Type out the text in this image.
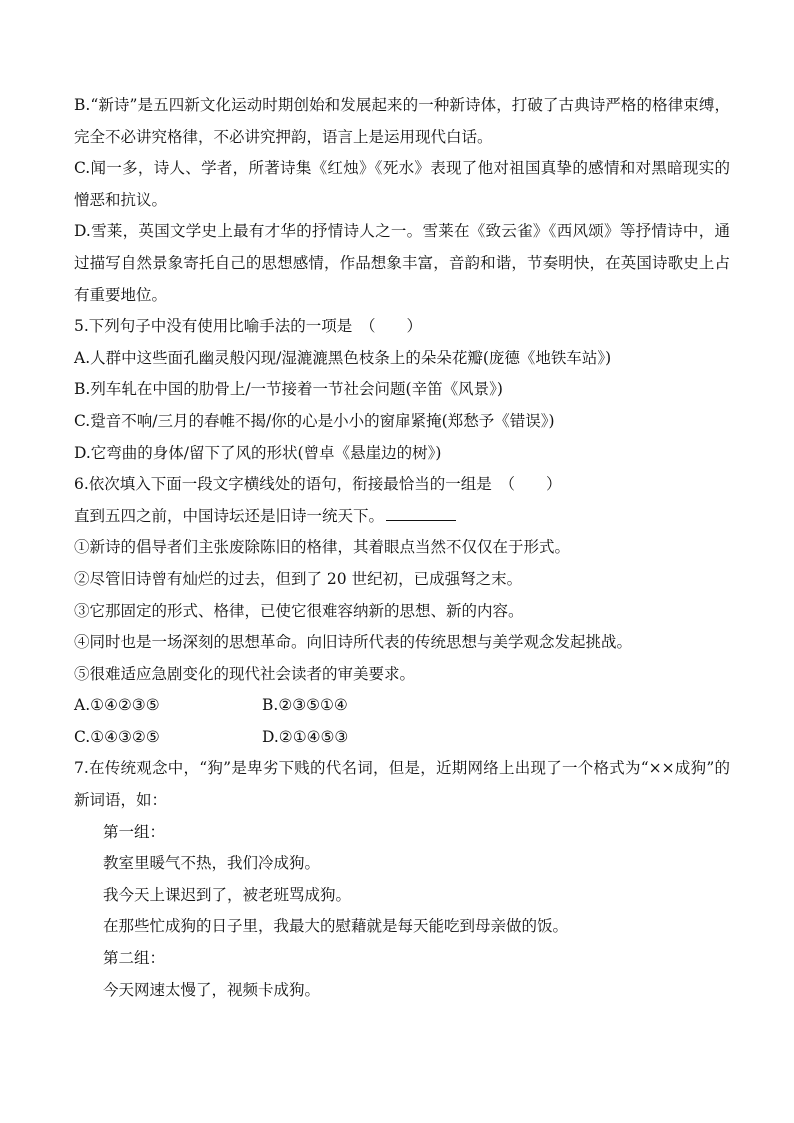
B.“新诗”是五四新文化运动时期创始和发展起来的一种新诗体，打破了古典诗严格的格律束缚，完全不必讲究格律，不必讲究押韵，语言上是运用现代白话。
C.闻一多，诗人、学者，所著诗集《红烛》《死水》表现了他对祖国真挚的感情和对黑暗现实的憎恶和抗议。
D.雪莱，英国文学史上最有才华的抒情诗人之一。雪莱在《致云雀》《西风颂》等抒情诗中，通过描写自然景象寄托自己的思想感情，作品想象丰富，音韵和谐，节奏明快，在英国诗歌史上占有重要地位。
5.下列句子中没有使用比喻手法的一项是　（　　）
A.人群中这些面孔幽灵般闪现/湿漉漉黑色枝条上的朵朵花瓣(庞德《地铁车站》)
B.列车轧在中国的肋骨上/一节接着一节社会问题(辛笛《风景》)
C.跫音不响/三月的春帷不揭/你的心是小小的窗扉紧掩(郑愁予《错误》)
D.它弯曲的身体/留下了风的形状(曾卓《悬崖边的树》)
6.依次填入下面一段文字横线处的语句，衔接最恰当的一组是　（　　）
直到五四之前，中国诗坛还是旧诗一统天下。
①新诗的倡导者们主张废除陈旧的格律，其着眼点当然不仅仅在于形式。
②尽管旧诗曾有灿烂的过去，但到了 20 世纪初，已成强弩之末。
③它那固定的形式、格律，已使它很难容纳新的思想、新的内容。
④同时也是一场深刻的思想革命。向旧诗所代表的传统思想与美学观念发起挑战。
⑤很难适应急剧变化的现代社会读者的审美要求。
A.①④②③⑤	B.②③⑤①④
C.①④③②⑤	D.②①④⑤③
7.在传统观念中，“狗”是卑劣下贱的代名词，但是，近期网络上出现了一个格式为“××成狗”的新词语，如：
第一组：
教室里暖气不热，我们冷成狗。
我今天上课迟到了，被老班骂成狗。
在那些忙成狗的日子里，我最大的慰藉就是每天能吃到母亲做的饭。
第二组：
今天网速太慢了，视频卡成狗。
